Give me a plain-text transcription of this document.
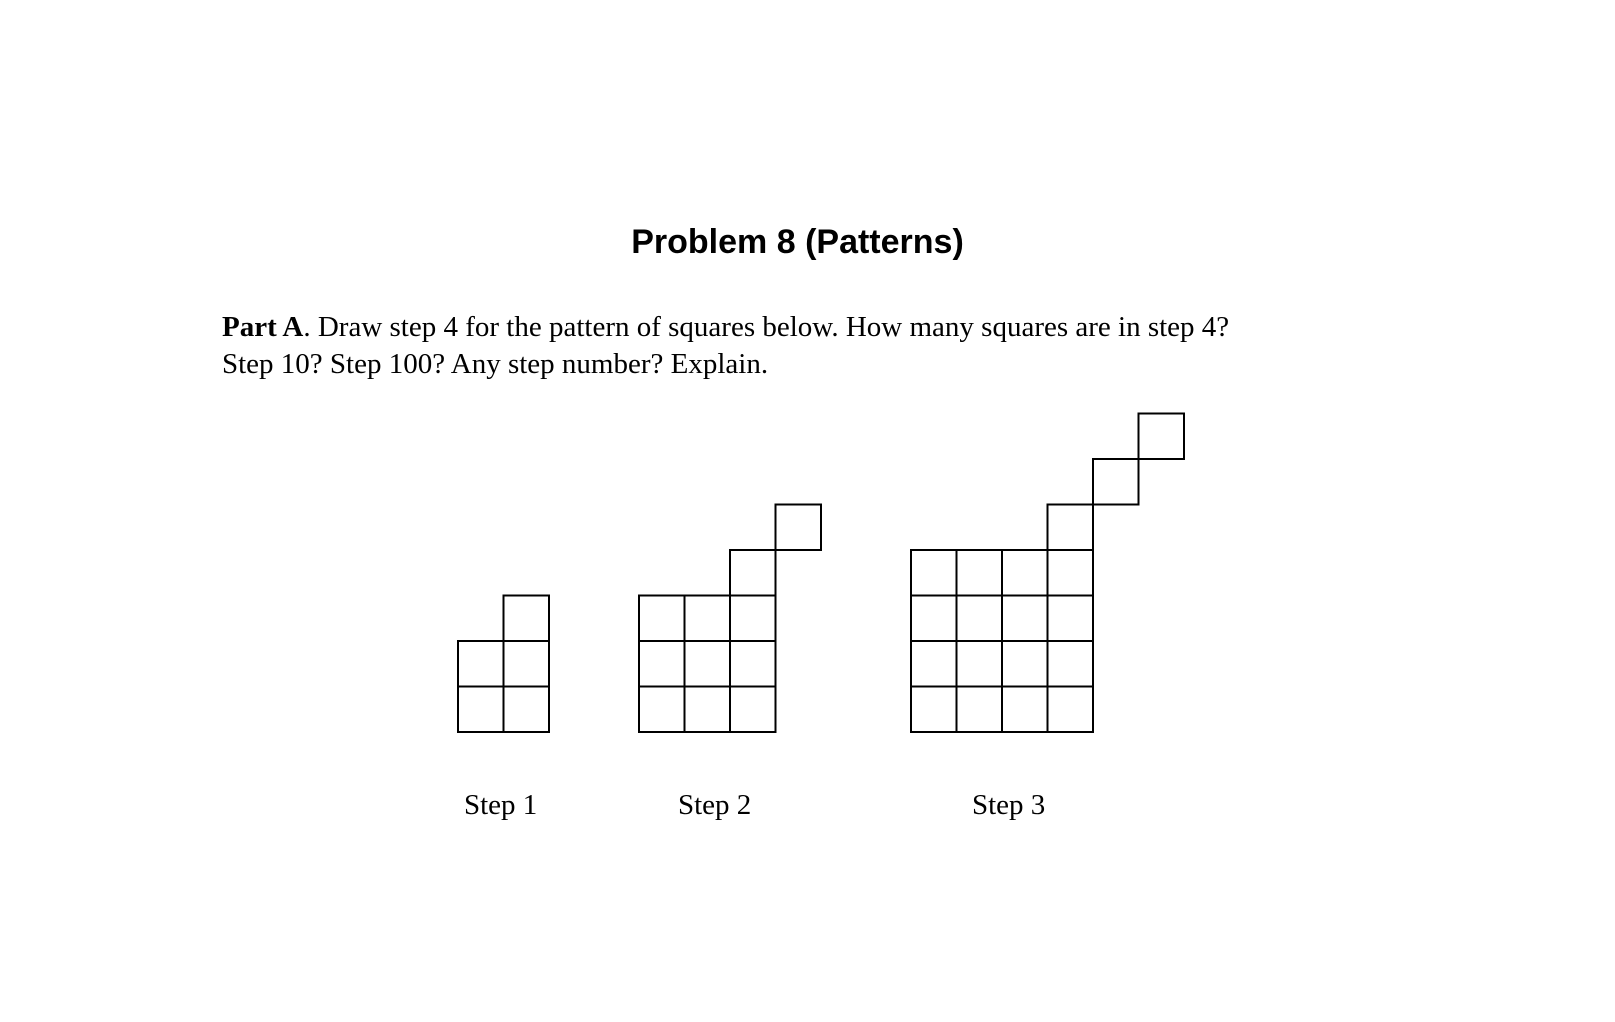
Problem 8 (Patterns)

Part A. Draw step 4 for the pattern of squares below. How many squares are in step 4?
Step 10? Step 100? Any step number? Explain.

Step 1	Step 2	Step 3
